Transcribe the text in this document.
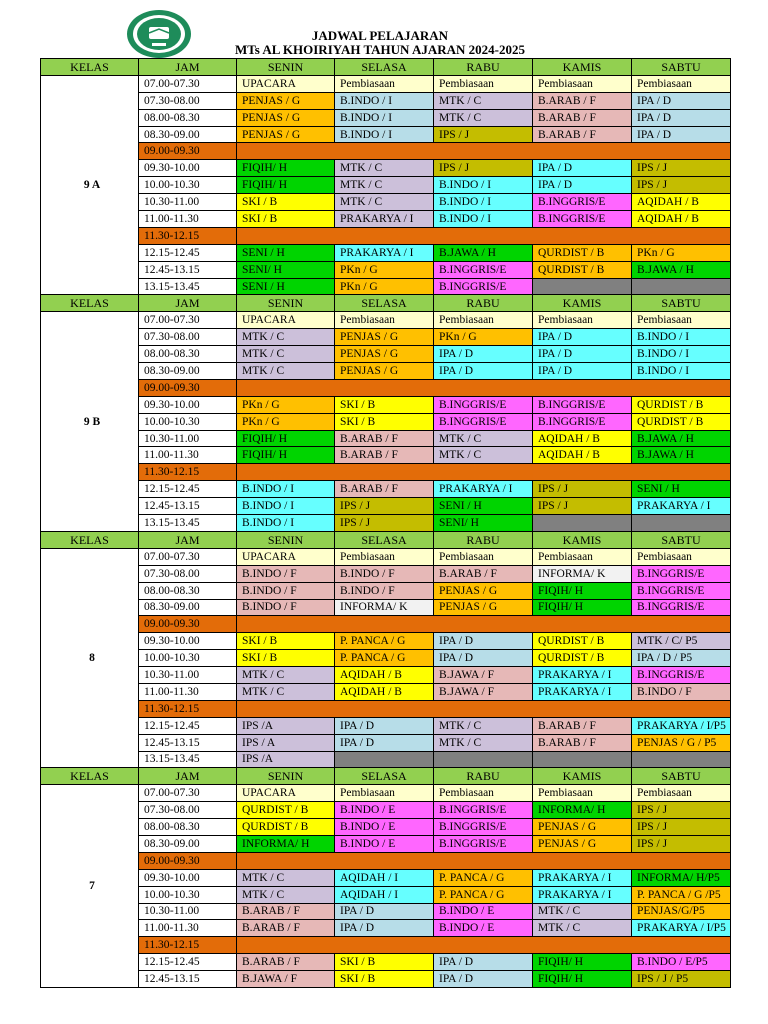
JADWAL PELAJARAN
MTs AL KHOIRIYAH TAHUN AJARAN 2024-2025
KELAS	JAM	SENIN	SELASA	RABU	KAMIS	SABTU
9 A	07.00-07.30	UPACARA	Pembiasaan	Pembiasaan	Pembiasaan	Pembiasaan
	07.30-08.00	PENJAS / G	B.INDO / I	MTK / C	B.ARAB / F	IPA / D
	08.00-08.30	PENJAS / G	B.INDO / I	MTK / C	B.ARAB / F	IPA / D
	08.30-09.00	PENJAS / G	B.INDO / I	IPS / J	B.ARAB / F	IPA / D
	09.00-09.30					
	09.30-10.00	FIQIH/ H	MTK / C	IPS / J	IPA / D	IPS / J
	10.00-10.30	FIQIH/ H	MTK / C	B.INDO / I	IPA / D	IPS / J
	10.30-11.00	SKI / B	MTK / C	B.INDO / I	B.INGGRIS/E	AQIDAH / B
	11.00-11.30	SKI / B	PRAKARYA / I	B.INDO / I	B.INGGRIS/E	AQIDAH / B
	11.30-12.15					
	12.15-12.45	SENI / H	PRAKARYA / I	B.JAWA / H	QURDIST / B	PKn / G
	12.45-13.15	SENI/ H	PKn / G	B.INGGRIS/E	QURDIST / B	B.JAWA / H
	13.15-13.45	SENI / H	PKn / G	B.INGGRIS/E		
KELAS	JAM	SENIN	SELASA	RABU	KAMIS	SABTU
9 B	07.00-07.30	UPACARA	Pembiasaan	Pembiasaan	Pembiasaan	Pembiasaan
	07.30-08.00	MTK / C	PENJAS / G	PKn / G	IPA / D	B.INDO / I
	08.00-08.30	MTK / C	PENJAS / G	IPA / D	IPA / D	B.INDO / I
	08.30-09.00	MTK / C	PENJAS / G	IPA / D	IPA / D	B.INDO / I
	09.00-09.30					
	09.30-10.00	PKn / G	SKI / B	B.INGGRIS/E	B.INGGRIS/E	QURDIST / B
	10.00-10.30	PKn / G	SKI / B	B.INGGRIS/E	B.INGGRIS/E	QURDIST / B
	10.30-11.00	FIQIH/ H	B.ARAB / F	MTK / C	AQIDAH / B	B.JAWA / H
	11.00-11.30	FIQIH/ H	B.ARAB / F	MTK / C	AQIDAH / B	B.JAWA / H
	11.30-12.15					
	12.15-12.45	B.INDO / I	B.ARAB / F	PRAKARYA / I	IPS / J	SENI / H
	12.45-13.15	B.INDO / I	IPS / J	SENI / H	IPS / J	PRAKARYA / I
	13.15-13.45	B.INDO / I	IPS / J	SENI/ H		
KELAS	JAM	SENIN	SELASA	RABU	KAMIS	SABTU
8	07.00-07.30	UPACARA	Pembiasaan	Pembiasaan	Pembiasaan	Pembiasaan
	07.30-08.00	B.INDO / F	B.INDO / F	B.ARAB / F	INFORMA/ K	B.INGGRIS/E
	08.00-08.30	B.INDO / F	B.INDO / F	PENJAS / G	FIQIH/ H	B.INGGRIS/E
	08.30-09.00	B.INDO / F	INFORMA/ K	PENJAS / G	FIQIH/ H	B.INGGRIS/E
	09.00-09.30					
	09.30-10.00	SKI / B	P. PANCA / G	IPA / D	QURDIST / B	MTK / C/ P5
	10.00-10.30	SKI / B	P. PANCA / G	IPA / D	QURDIST / B	IPA / D / P5
	10.30-11.00	MTK / C	AQIDAH / B	B.JAWA / F	PRAKARYA / I	B.INGGRIS/E
	11.00-11.30	MTK / C	AQIDAH / B	B.JAWA / F	PRAKARYA / I	B.INDO / F
	11.30-12.15					
	12.15-12.45	IPS /A	IPA / D	MTK / C	B.ARAB / F	PRAKARYA / I/P5
	12.45-13.15	IPS / A	IPA / D	MTK / C	B.ARAB / F	PENJAS / G / P5
	13.15-13.45	IPS /A				
KELAS	JAM	SENIN	SELASA	RABU	KAMIS	SABTU
7	07.00-07.30	UPACARA	Pembiasaan	Pembiasaan	Pembiasaan	Pembiasaan
	07.30-08.00	QURDIST / B	B.INDO / E	B.INGGRIS/E	INFORMA/ H	IPS / J
	08.00-08.30	QURDIST / B	B.INDO / E	B.INGGRIS/E	PENJAS / G	IPS / J
	08.30-09.00	INFORMA/ H	B.INDO / E	B.INGGRIS/E	PENJAS / G	IPS / J
	09.00-09.30					
	09.30-10.00	MTK / C	AQIDAH / I	P. PANCA / G	PRAKARYA / I	INFORMA/ H/P5
	10.00-10.30	MTK / C	AQIDAH / I	P. PANCA / G	PRAKARYA / I	P. PANCA / G /P5
	10.30-11.00	B.ARAB / F	IPA / D	B.INDO / E	MTK / C	PENJAS/G/P5
	11.00-11.30	B.ARAB / F	IPA / D	B.INDO / E	MTK / C	PRAKARYA / I/P5
	11.30-12.15					
	12.15-12.45	B.ARAB / F	SKI / B	IPA / D	FIQIH/ H	B.INDO / E/P5
	12.45-13.15	B.JAWA / F	SKI / B	IPA / D	FIQIH/ H	IPS / J / P5
